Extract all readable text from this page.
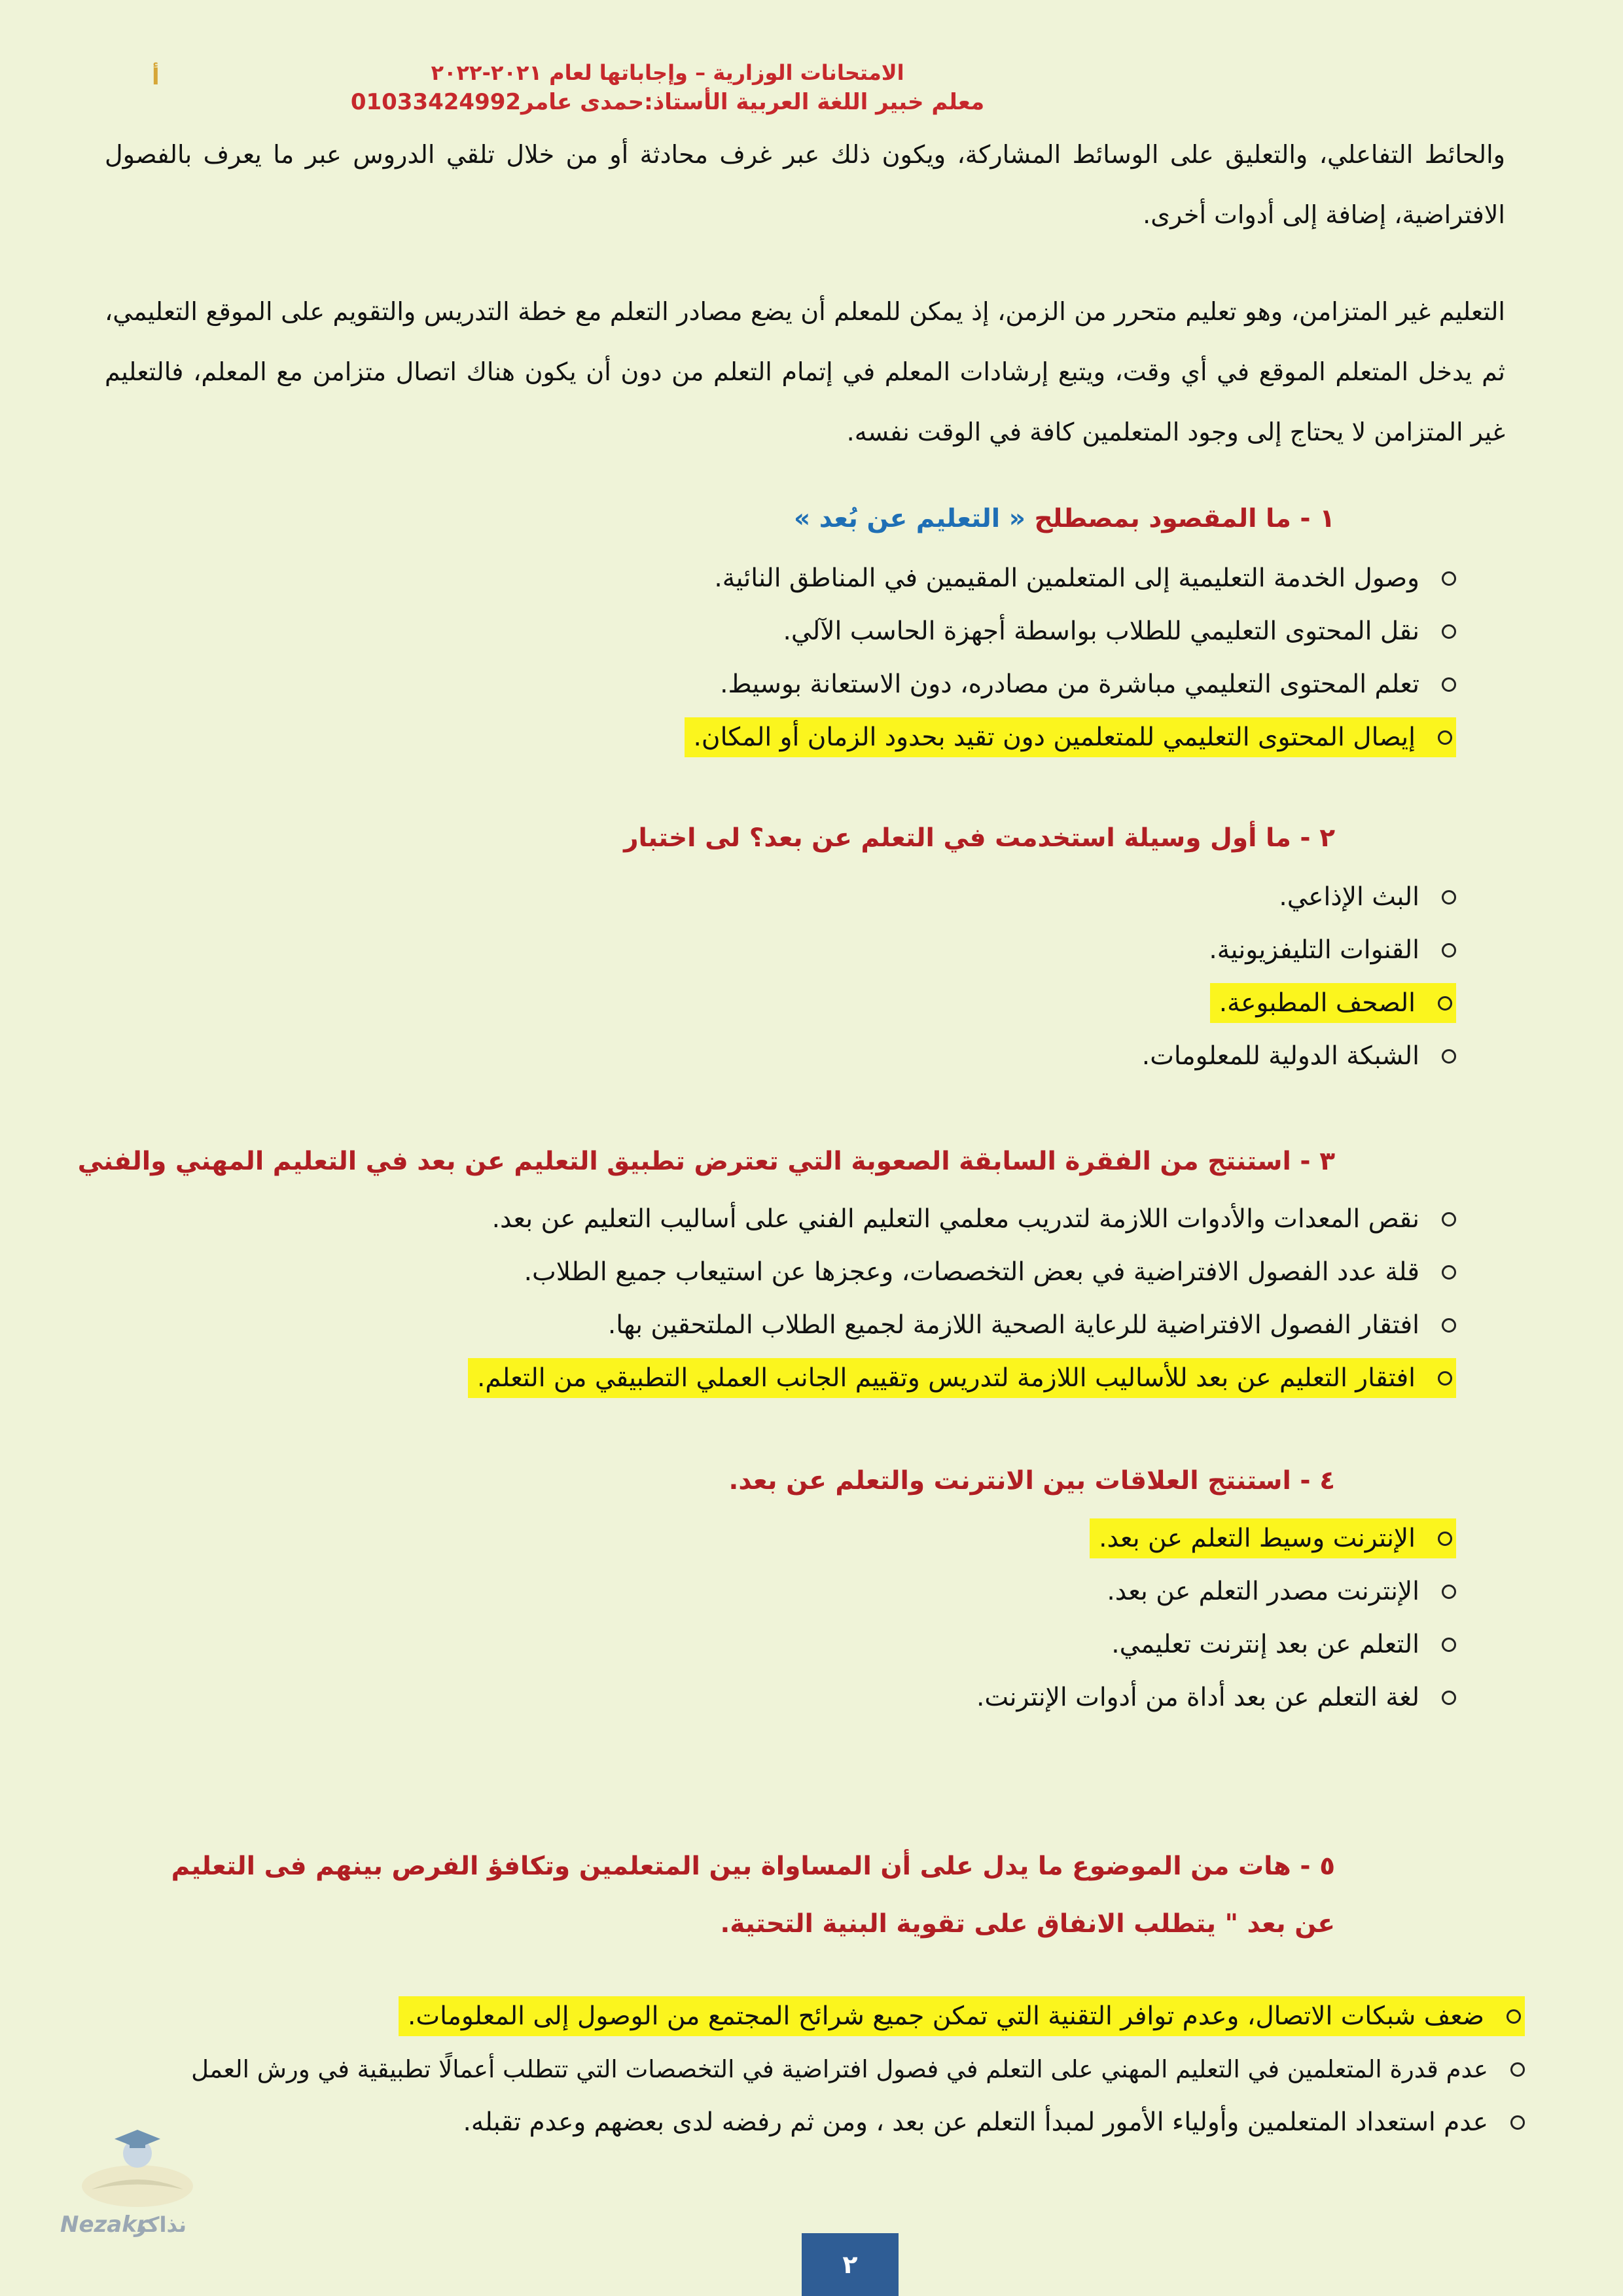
أ	الامتحانات الوزارية – وإجاباتها لعام ٢٠٢١-٢٠٢٢
معلم خبير اللغة العربية الأستاذ:حمدى عامر01033424992
والحائط التفاعلي، والتعليق على الوسائط المشاركة، ويكون ذلك عبر غرف محادثة أو من خلال تلقي الدروس عبر ما يعرف بالفصول الافتراضية، إضافة إلى أدوات أخرى.
التعليم غير المتزامن، وهو تعليم متحرر من الزمن، إذ يمكن للمعلم أن يضع مصادر التعلم مع خطة التدريس والتقويم على الموقع التعليمي، ثم يدخل المتعلم الموقع في أي وقت، ويتبع إرشادات المعلم في إتمام التعلم من دون أن يكون هناك اتصال متزامن مع المعلم، فالتعليم غير المتزامن لا يحتاج إلى وجود المتعلمين كافة في الوقت نفسه.
١ - ما المقصود بمصطلح « التعليم عن بُعد »
وصول الخدمة التعليمية إلى المتعلمين المقيمين في المناطق النائية.
نقل المحتوى التعليمي للطلاب بواسطة أجهزة الحاسب الآلي.
تعلم المحتوى التعليمي مباشرة من مصادره، دون الاستعانة بوسيط.
إيصال المحتوى التعليمي للمتعلمين دون تقيد بحدود الزمان أو المكان.
٢ - ما أول وسيلة استخدمت في التعلم عن بعد؟ لى اختبار
البث الإذاعي.
القنوات التليفزيونية.
الصحف المطبوعة.
الشبكة الدولية للمعلومات.
٣ - استنتج من الفقرة السابقة الصعوبة التي تعترض تطبيق التعليم عن بعد في التعليم المهني والفني
نقص المعدات والأدوات اللازمة لتدريب معلمي التعليم الفني على أساليب التعليم عن بعد.
قلة عدد الفصول الافتراضية في بعض التخصصات، وعجزها عن استيعاب جميع الطلاب.
افتقار الفصول الافتراضية للرعاية الصحية اللازمة لجميع الطلاب الملتحقين بها.
افتقار التعليم عن بعد للأساليب اللازمة لتدريس وتقييم الجانب العملي التطبيقي من التعلم.
٤ - استنتج العلاقات بين الانترنت والتعلم عن بعد.
الإنترنت وسيط التعلم عن بعد.
الإنترنت مصدر التعلم عن بعد.
التعلم عن بعد إنترنت تعليمي.
لغة التعلم عن بعد أداة من أدوات الإنترنت.
٥ - هات من الموضوع ما يدل على أن المساواة بين المتعلمين وتكافؤ الفرص بينهم فى التعليم عن بعد " يتطلب الانفاق على تقوية البنية التحتية.
ضعف شبكات الاتصال، وعدم توافر التقنية التي تمكن جميع شرائح المجتمع من الوصول إلى المعلومات.
عدم قدرة المتعلمين في التعليم المهني على التعلم في فصول افتراضية في التخصصات التي تتطلب أعمالًا تطبيقية في ورش العمل
عدم استعداد المتعلمين وأولياء الأمور لمبدأ التعلم عن بعد ، ومن ثم رفضه لدى بعضهم وعدم تقبله.
Nezakr
نذاكر
٢
